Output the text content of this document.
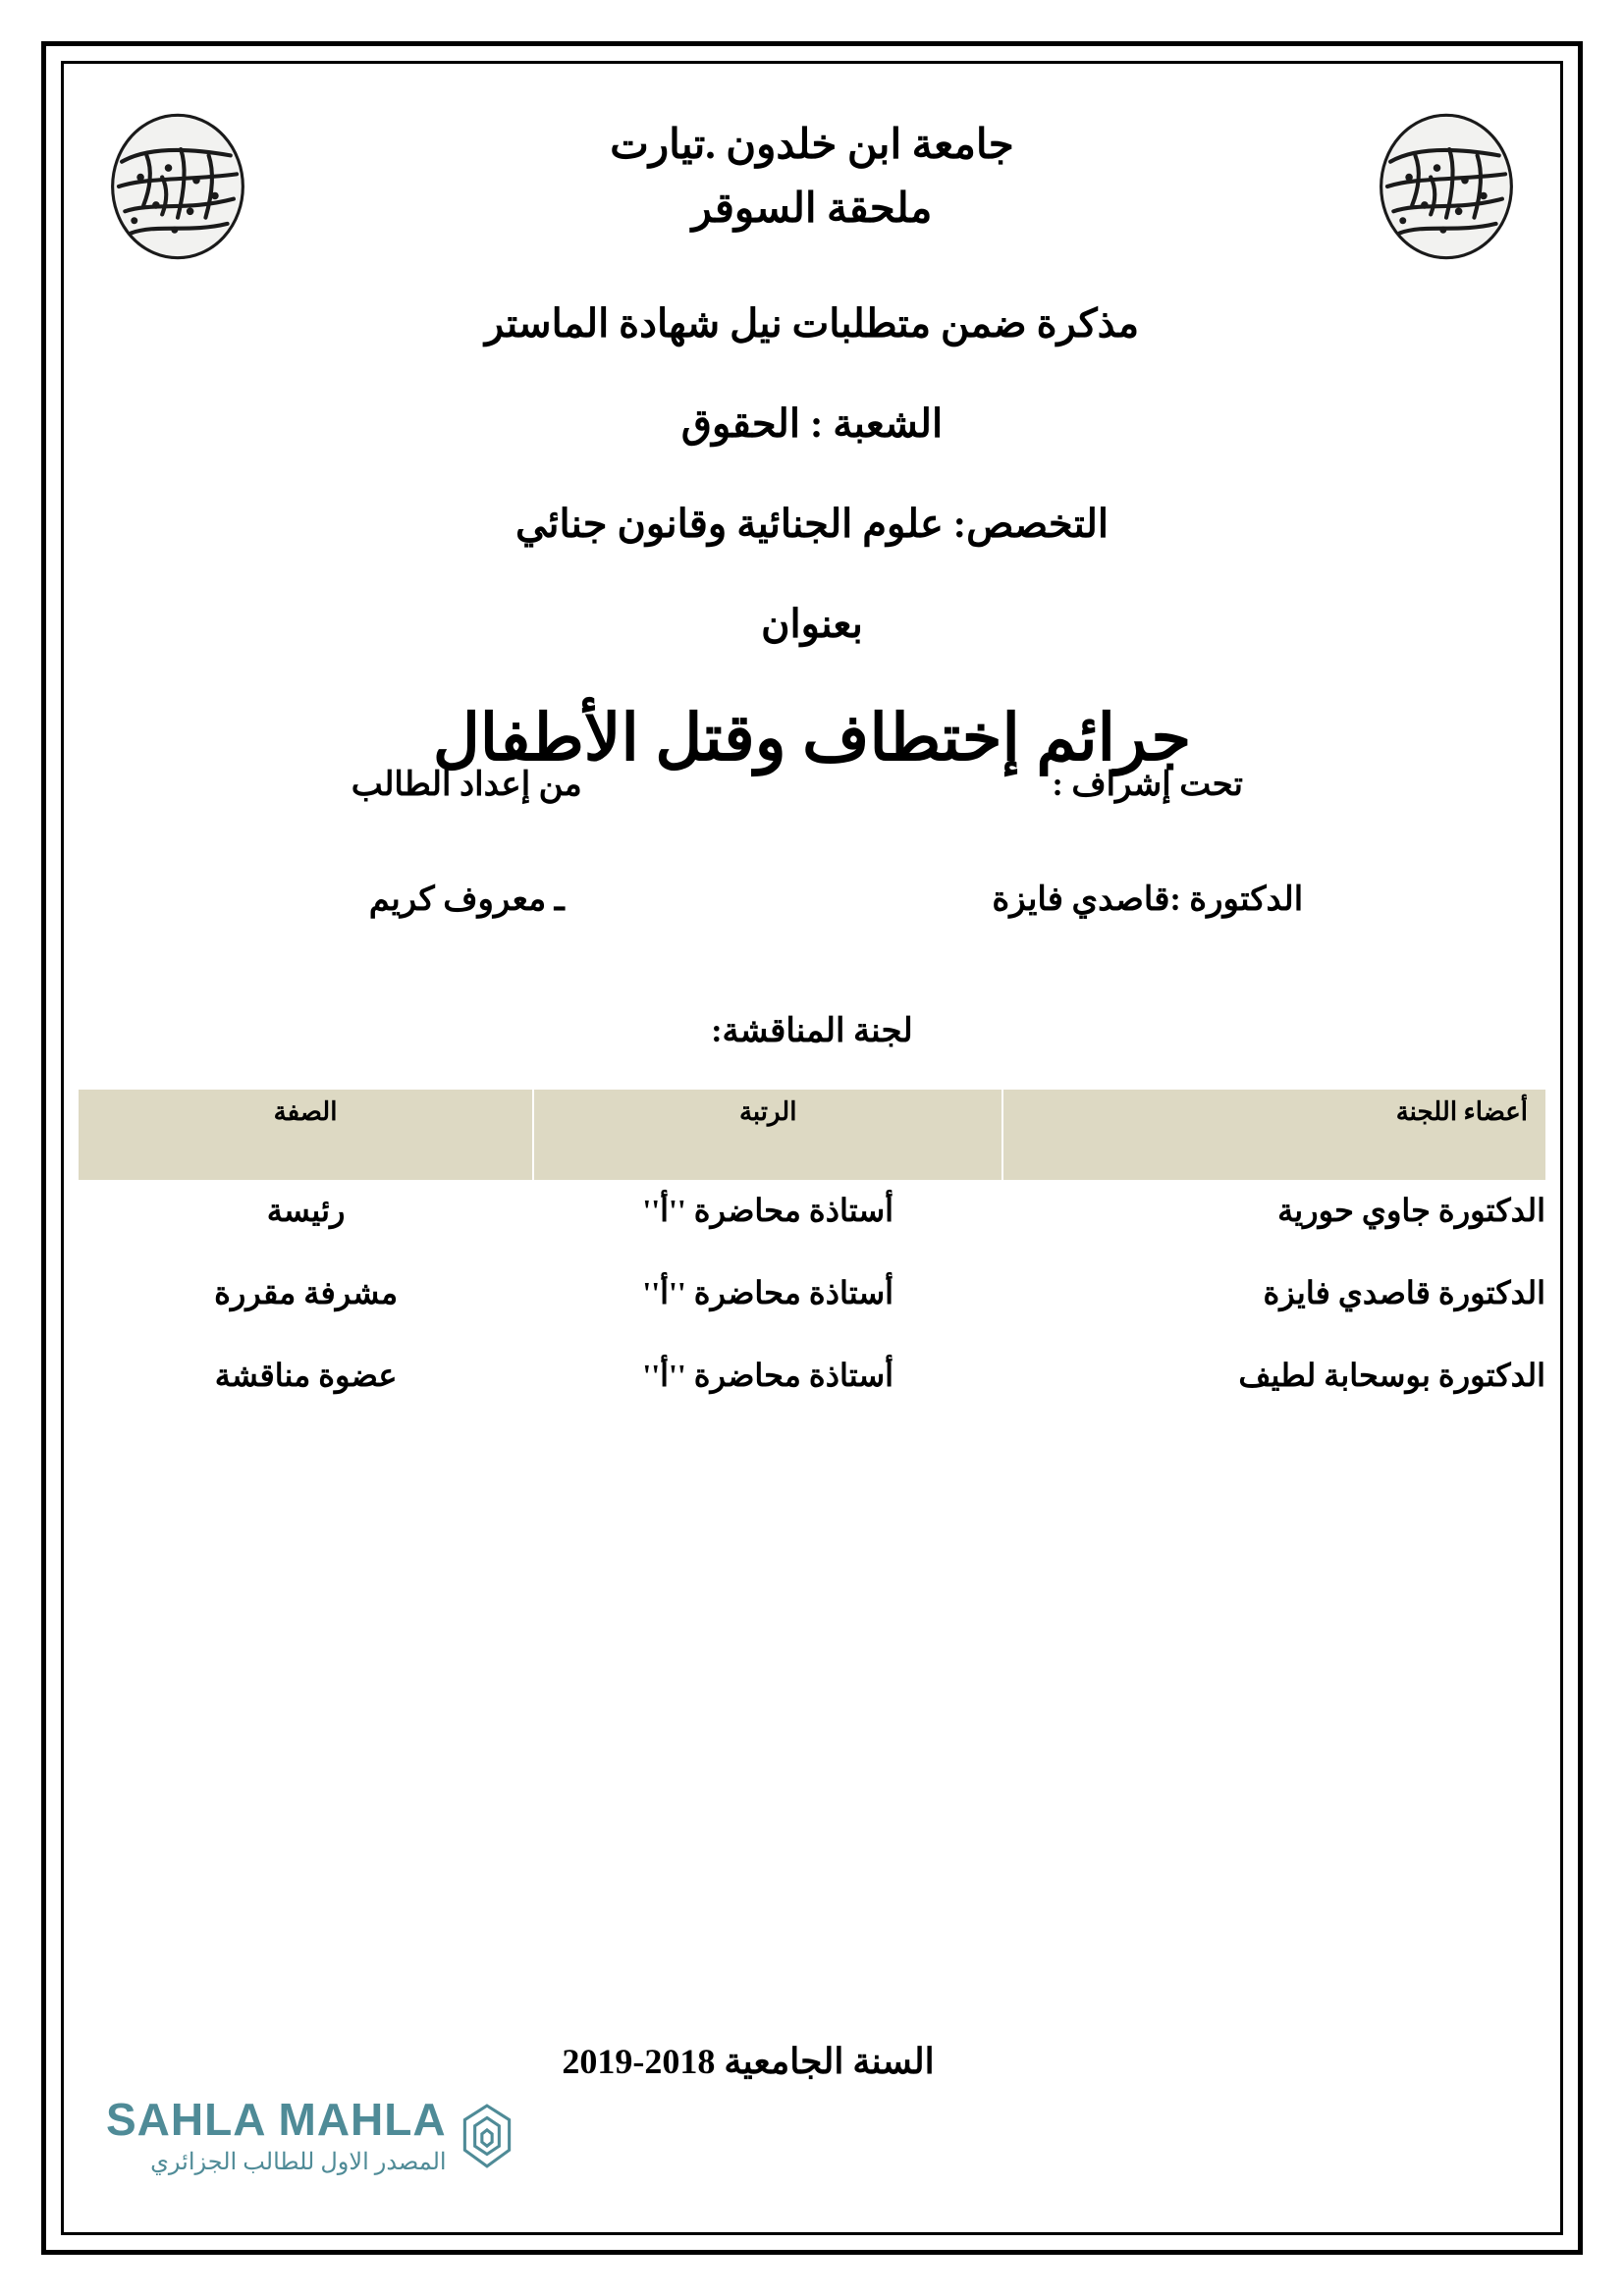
جامعة ابن خلدون .تيارت
ملحقة السوقر
مذكرة ضمن متطلبات نيل شهادة الماستر
الشعبة : الحقوق
التخصص: علوم الجنائية وقانون جنائي
بعنوان
جرائم إختطاف وقتل الأطفال
تحت إشراف :
الدكتورة :قاصدي فايزة
من إعداد الطالب
ـ معروف كريم
لجنة المناقشة:
أعضاء اللجنة	الرتبة	الصفة
الدكتورة جاوي حورية	أستاذة محاضرة ''أ''	رئيسة
الدكتورة قاصدي فايزة	أستاذة محاضرة ''أ''	مشرفة مقررة
الدكتورة بوسحابة لطيف	أستاذة محاضرة ''أ''	عضوة مناقشة
السنة الجامعية 2018-2019
SAHLA MAHLA
المصدر الاول للطالب الجزائري
